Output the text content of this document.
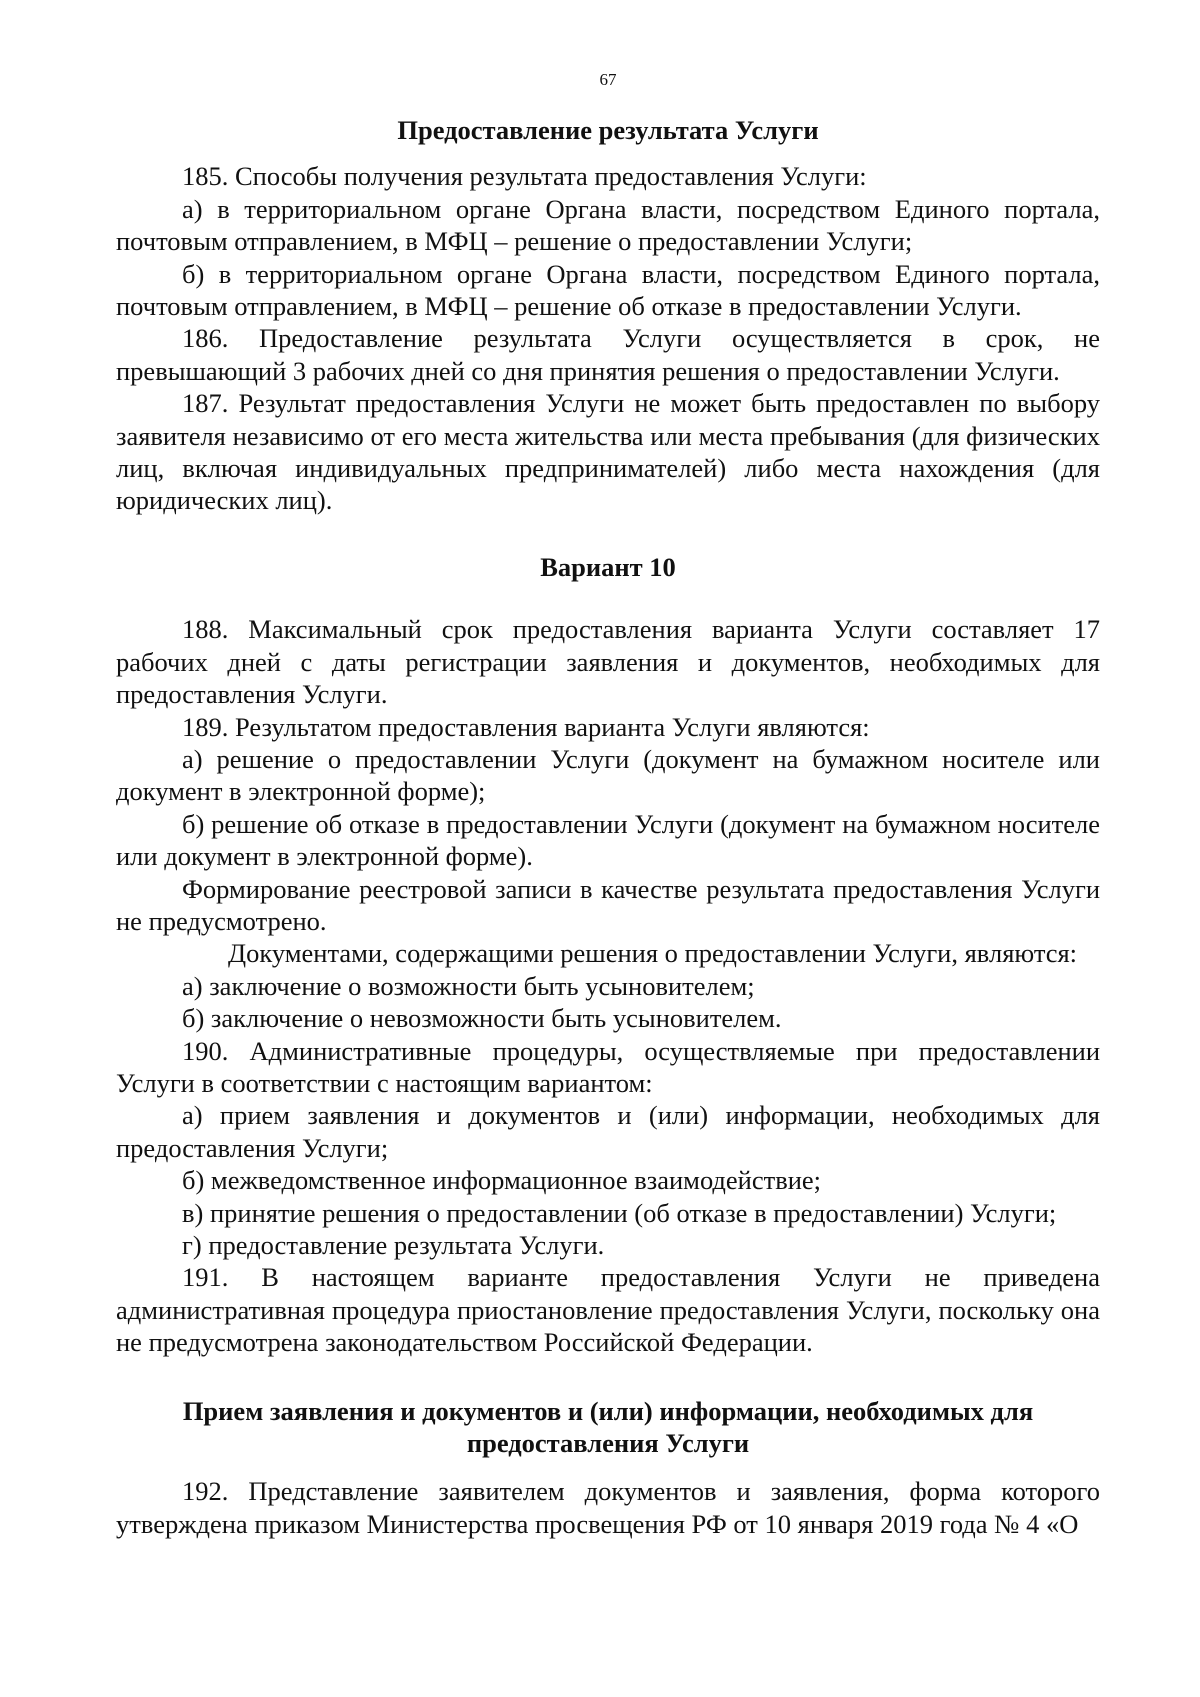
67
Предоставление результата Услуги

185. Способы получения результата предоставления Услуги:

а) в территориальном органе Органа власти, посредством Единого портала, почтовым отправлением, в МФЦ – решение о предоставлении Услуги;

б) в территориальном органе Органа власти, посредством Единого портала, почтовым отправлением, в МФЦ – решение об отказе в предоставлении Услуги.

186. Предоставление результата Услуги осуществляется в срок, не превышающий 3 рабочих дней со дня принятия решения о предоставлении Услуги.

187. Результат предоставления Услуги не может быть предоставлен по выбору заявителя независимо от его места жительства или места пребывания (для физических лиц, включая индивидуальных предпринимателей) либо места нахождения (для юридических лиц).

Вариант 10

188. Максимальный срок предоставления варианта Услуги составляет 17 рабочих дней с даты регистрации заявления и документов, необходимых для предоставления Услуги.

189. Результатом предоставления варианта Услуги являются:

а) решение о предоставлении Услуги (документ на бумажном носителе или документ в электронной форме);

б) решение об отказе в предоставлении Услуги (документ на бумажном носителе или документ в электронной форме).

Формирование реестровой записи в качестве результата предоставления Услуги не предусмотрено.

Документами, содержащими решения о предоставлении Услуги, являются:

а) заключение о возможности быть усыновителем;

б) заключение о невозможности быть усыновителем.

190. Административные процедуры, осуществляемые при предоставлении Услуги в соответствии с настоящим вариантом:

а) прием заявления и документов и (или) информации, необходимых для предоставления Услуги;

б) межведомственное информационное взаимодействие;

в) принятие решения о предоставлении (об отказе в предоставлении) Услуги;

г) предоставление результата Услуги.

191. В настоящем варианте предоставления Услуги не приведена административная процедура приостановление предоставления Услуги, поскольку она не предусмотрена законодательством Российской Федерации.

Прием заявления и документов и (или) информации, необходимых для
предоставления Услуги

192. Представление заявителем документов и заявления, форма которого утверждена приказом Министерства просвещения РФ от 10 января 2019 года № 4 «О
